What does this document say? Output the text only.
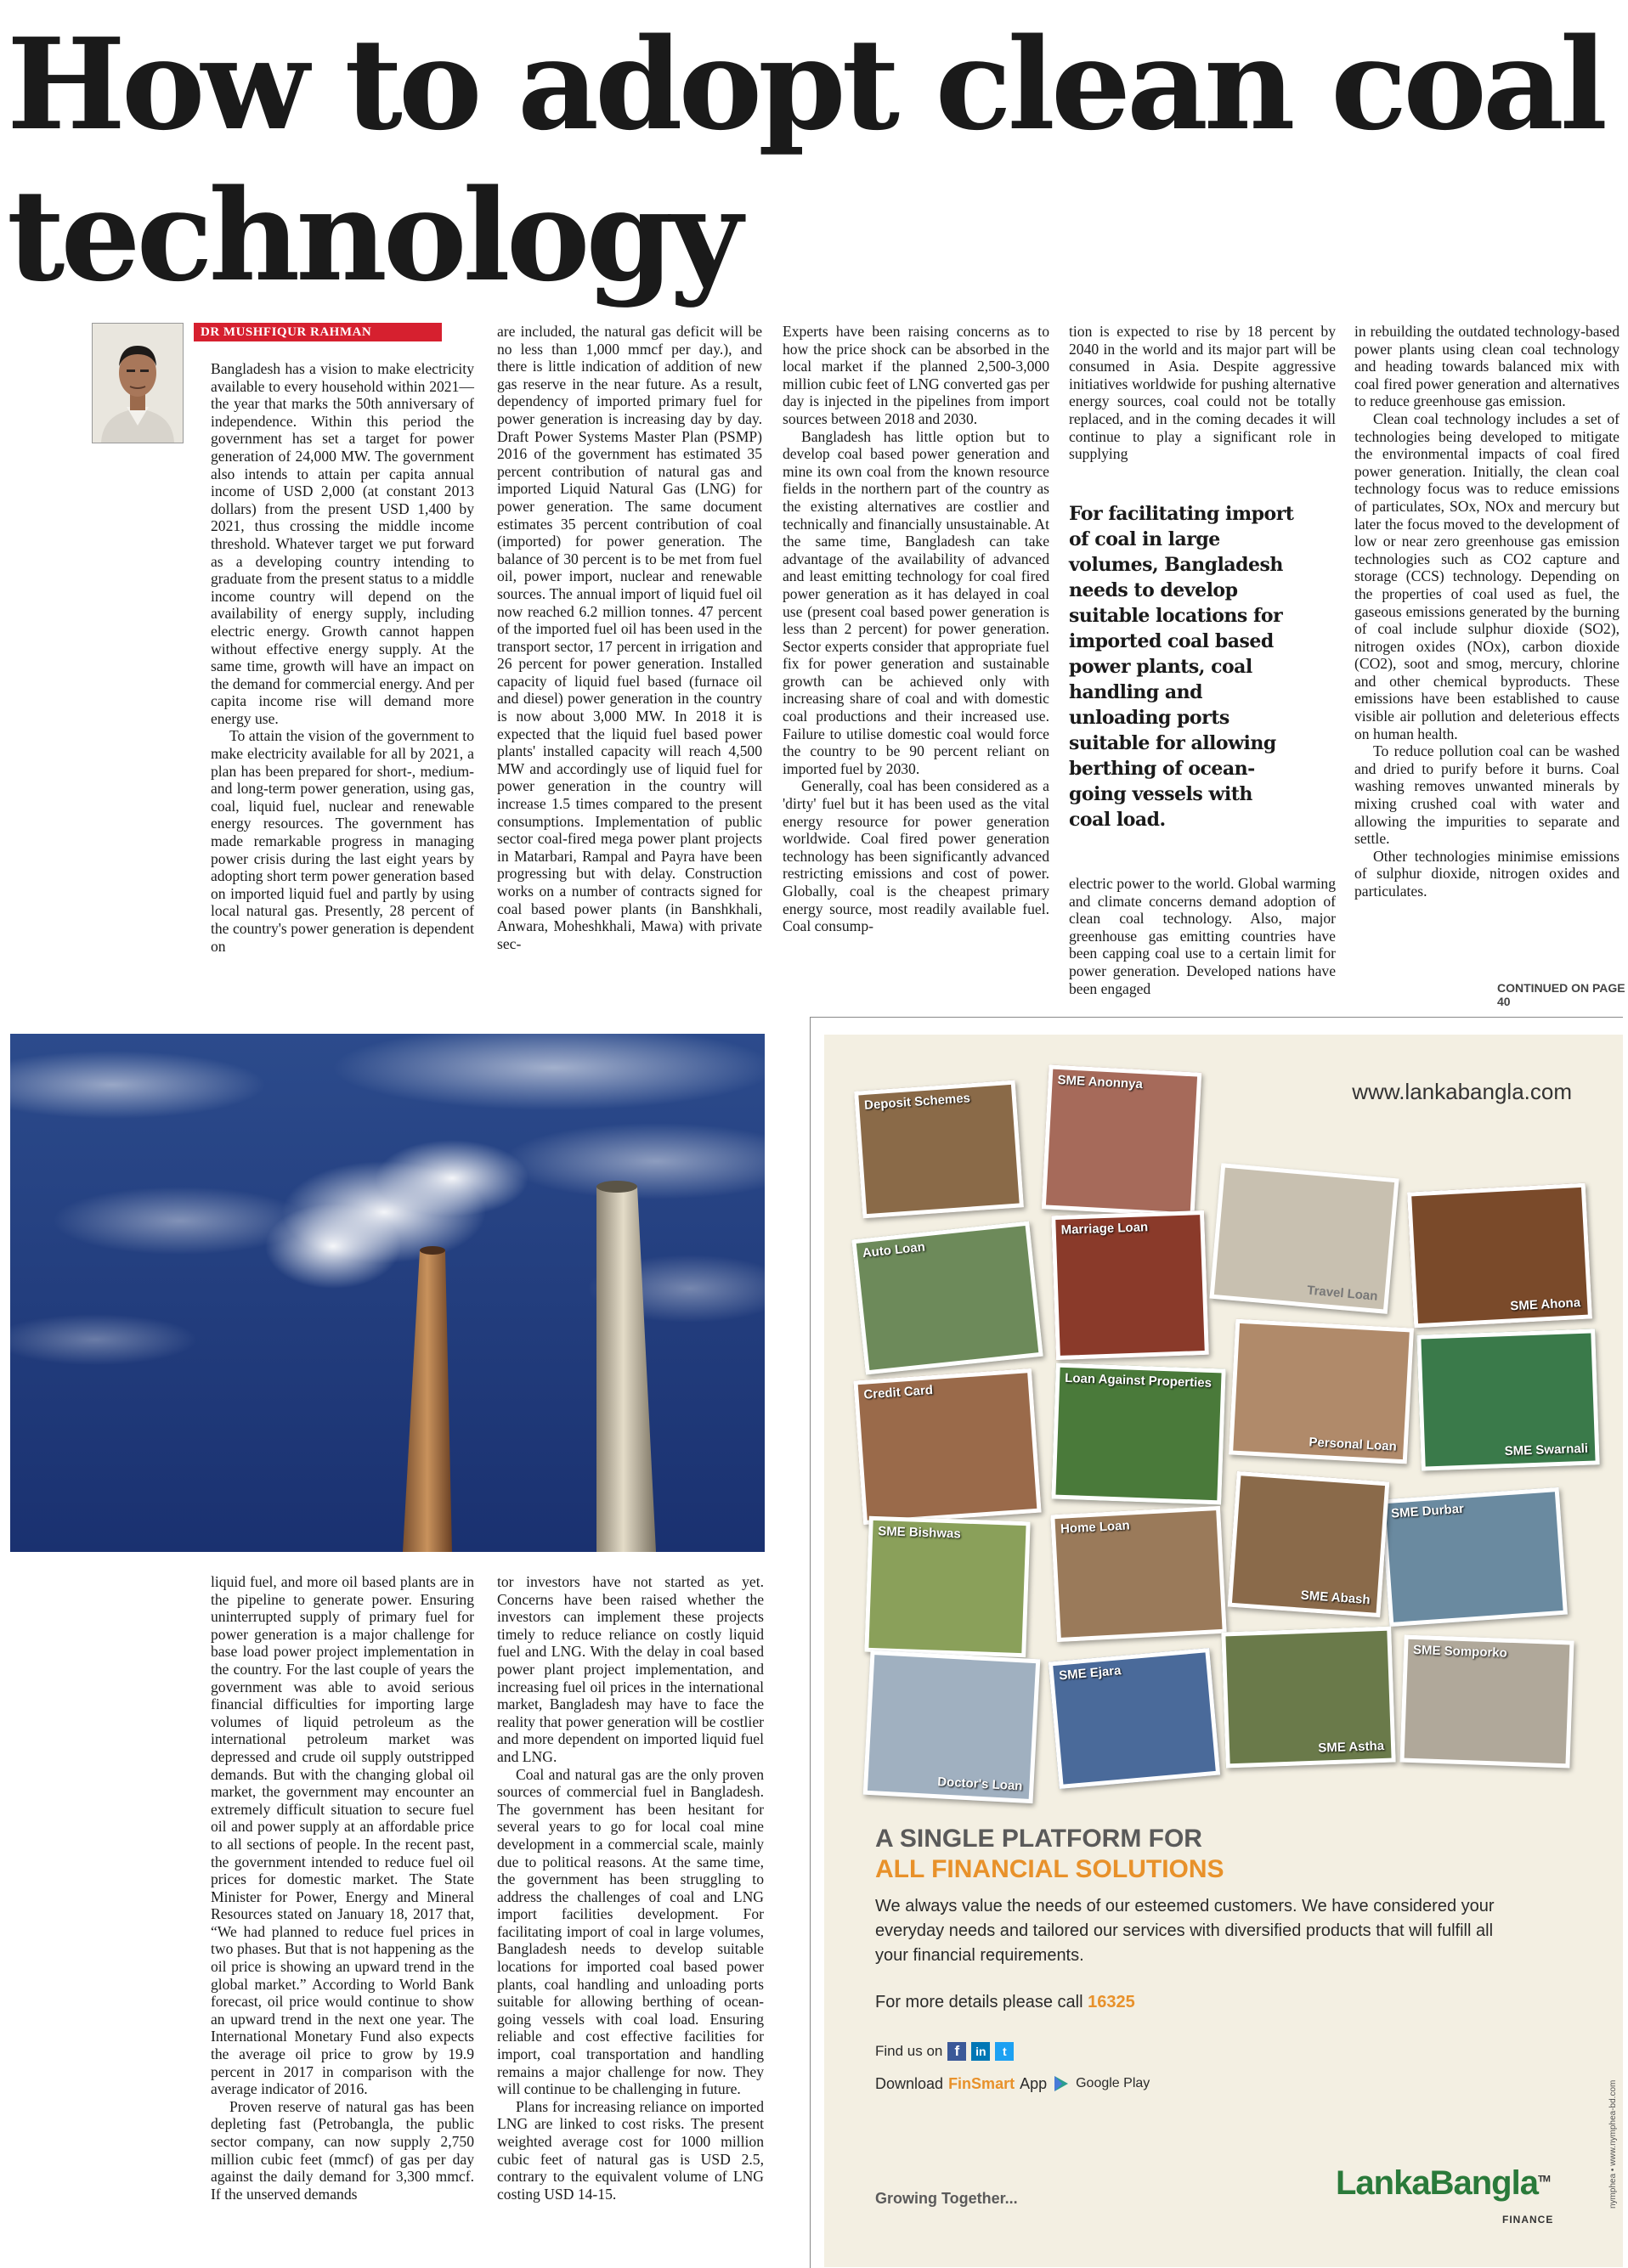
How to adopt clean coal
technology
DR MUSHFIQUR RAHMAN

Bangladesh has a vision to make electricity available to every household within 2021—the year that marks the 50th anniversary of independence. Within this period the government has set a target for power generation of 24,000 MW. The government also intends to attain per capita annual income of USD 2,000 (at constant 2013 dollars) from the present USD 1,400 by 2021, thus crossing the middle income threshold. Whatever target we put forward as a developing country intending to graduate from the present status to a middle income country will depend on the availability of energy supply, including electric energy. Growth cannot happen without effective energy supply. At the same time, growth will have an impact on the demand for commercial energy. And per capita income rise will demand more energy use.

To attain the vision of the government to make electricity available for all by 2021, a plan has been prepared for short-, medium- and long-term power generation, using gas, coal, liquid fuel, nuclear and renewable energy resources. The government has made remarkable progress in managing power crisis during the last eight years by adopting short term power generation based on imported liquid fuel and partly by using local natural gas. Presently, 28 percent of the country's power generation is dependent on

are included, the natural gas deficit will be no less than 1,000 mmcf per day.), and there is little indication of addition of new gas reserve in the near future. As a result, dependency of imported primary fuel for power generation is increasing day by day. Draft Power Systems Master Plan (PSMP) 2016 of the government has estimated 35 percent contribution of natural gas and imported Liquid Natural Gas (LNG) for power generation. The same document estimates 35 percent contribution of coal (imported) for power generation. The balance of 30 percent is to be met from fuel oil, power import, nuclear and renewable sources. The annual import of liquid fuel oil now reached 6.2 million tonnes. 47 percent of the imported fuel oil has been used in the transport sector, 17 percent in irrigation and 26 percent for power generation. Installed capacity of liquid fuel based (furnace oil and diesel) power generation in the country is now about 3,000 MW. In 2018 it is expected that the liquid fuel based power plants' installed capacity will reach 4,500 MW and accordingly use of liquid fuel for power generation in the country will increase 1.5 times compared to the present consumptions. Implementation of public sector coal-fired mega power plant projects in Matarbari, Rampal and Payra have been progressing but with delay. Construction works on a number of contracts signed for coal based power plants (in Banshkhali, Anwara, Moheshkhali, Mawa) with private sec-

Experts have been raising concerns as to how the price shock can be absorbed in the local market if the planned 2,500-3,000 million cubic feet of LNG converted gas per day is injected in the pipelines from import sources between 2018 and 2030.

Bangladesh has little option but to develop coal based power generation and mine its own coal from the known resource fields in the northern part of the country as the existing alternatives are costlier and technically and financially unsustainable. At the same time, Bangladesh can take advantage of the availability of advanced and least emitting technology for coal fired power generation as it has delayed in coal use (present coal based power generation is less than 2 percent) for power generation. Sector experts consider that appropriate fuel fix for power generation and sustainable growth can be achieved only with increasing share of coal and with domestic coal productions and their increased use. Failure to utilise domestic coal would force the country to be 90 percent reliant on imported fuel by 2030.

Generally, coal has been considered as a 'dirty' fuel but it has been used as the vital energy resource for power generation worldwide. Coal fired power generation technology has been significantly advanced restricting emissions and cost of power. Globally, coal is the cheapest primary energy source, most readily available fuel. Coal consump-

tion is expected to rise by 18 percent by 2040 in the world and its major part will be consumed in Asia. Despite aggressive initiatives worldwide for pushing alternative energy sources, coal could not be totally replaced, and in the coming decades it will continue to play a significant role in supplying

For facilitating import of coal in large volumes, Bangladesh needs to develop suitable locations for imported coal based power plants, coal handling and unloading ports suitable for allowing berthing of ocean-going vessels with coal load.

electric power to the world. Global warming and climate concerns demand adoption of clean coal technology. Also, major greenhouse gas emitting countries have been capping coal use to a certain limit for power generation. Developed nations have been engaged

in rebuilding the outdated technology-based power plants using clean coal technology and heading towards balanced mix with coal fired power generation and alternatives to reduce greenhouse gas emission.

Clean coal technology includes a set of technologies being developed to mitigate the environmental impacts of coal fired power generation. Initially, the clean coal technology focus was to reduce emissions of particulates, SOx, NOx and mercury but later the focus moved to the development of low or near zero greenhouse gas emission technologies such as CO2 capture and storage (CCS) technology. Depending on the properties of coal used as fuel, the gaseous emissions generated by the burning of coal include sulphur dioxide (SO2), nitrogen oxides (NOx), carbon dioxide (CO2), soot and smog, mercury, chlorine and other chemical byproducts. These emissions have been established to cause visible air pollution and deleterious effects on human health.

To reduce pollution coal can be washed and dried to purify before it burns. Coal washing removes unwanted minerals by mixing crushed coal with water and allowing the impurities to separate and settle.

Other technologies minimise emissions of sulphur dioxide, nitrogen oxides and particulates.

CONTINUED ON PAGE 40

liquid fuel, and more oil based plants are in the pipeline to generate power. Ensuring uninterrupted supply of primary fuel for power generation is a major challenge for base load power project implementation in the country. For the last couple of years the government was able to avoid serious financial difficulties for importing large volumes of liquid petroleum as the international petroleum market was depressed and crude oil supply outstripped demands. But with the changing global oil market, the government may encounter an extremely difficult situation to secure fuel oil and power supply at an affordable price to all sections of people. In the recent past, the government intended to reduce fuel oil prices for domestic market. The State Minister for Power, Energy and Mineral Resources stated on January 18, 2017 that, “We had planned to reduce fuel prices in two phases. But that is not happening as the oil price is showing an upward trend in the global market.” According to World Bank forecast, oil price would continue to show an upward trend in the next one year. The International Monetary Fund also expects the average oil price to grow by 19.9 percent in 2017 in comparison with the average indicator of 2016.

Proven reserve of natural gas has been depleting fast (Petrobangla, the public sector company, can now supply 2,750 million cubic feet (mmcf) of gas per day against the daily demand for 3,300 mmcf. If the unserved demands

tor investors have not started as yet. Concerns have been raised whether the investors can implement these projects timely to reduce reliance on costly liquid fuel and LNG. With the delay in coal based power plant project implementation, and increasing fuel oil prices in the international market, Bangladesh may have to face the reality that power generation will be costlier and more dependent on imported liquid fuel and LNG.

Coal and natural gas are the only proven sources of commercial fuel in Bangladesh. The government has been hesitant for several years to go for local coal mine development in a commercial scale, mainly due to political reasons. At the same time, the government has been struggling to address the challenges of coal and LNG import facilities development. For facilitating import of coal in large volumes, Bangladesh needs to develop suitable locations for imported coal based power plants, coal handling and unloading ports suitable for allowing berthing of ocean-going vessels with coal load. Ensuring reliable and cost effective facilities for import, coal transportation and handling remains a major challenge for now. They will continue to be challenging in future.

Plans for increasing reliance on imported LNG are linked to cost risks. The present weighted average cost for 1000 million cubic feet of natural gas is USD 2.5, contrary to the equivalent volume of LNG costing USD 14-15.

www.lankabangla.com
Deposit Schemes
SME Anonnya
Auto Loan
Marriage Loan
Travel Loan
SME Ahona
Credit Card
Loan Against Properties
SME Swarnali
Personal Loan
SME Bishwas	Home Loan
SME Durbar
SME Abash
SME Ejara
SME Somporko
Doctor's Loan
SME Astha
A SINGLE PLATFORM FOR
ALL FINANCIAL SOLUTIONS
We always value the needs of our esteemed customers. We have considered your everyday needs and tailored our services with diversified products that will fulfill all your financial requirements.
For more details please call 16325
Find us on f	in	t
Download FinSmart App Google Play
Growing Together...	LankaBangla™
FINANCE
nymphea • www.nymphea-bd.com
